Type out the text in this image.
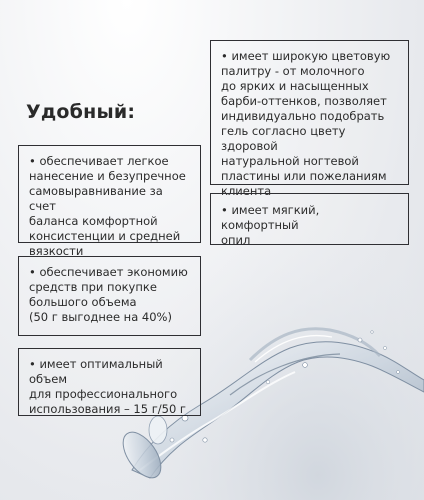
Удобный:
• имеет широкую цветовую
палитру - от молочного
до ярких и насыщенных
барби-оттенков, позволяет
индивидуально подобрать
гель согласно цвету здоровой
натуральной ногтевой
пластины или пожеланиям
клиента
• имеет мягкий, комфортный
опил
• обеспечивает легкое
нанесение и безупречное
самовыравнивание за счет
баланса комфортной
консистенции и средней
вязкости
• обеспечивает экономию
средств при покупке
большого объема
(50 г выгоднее на 40%)
• имеет оптимальный объем
для профессионального
использования – 15 г/50 г
